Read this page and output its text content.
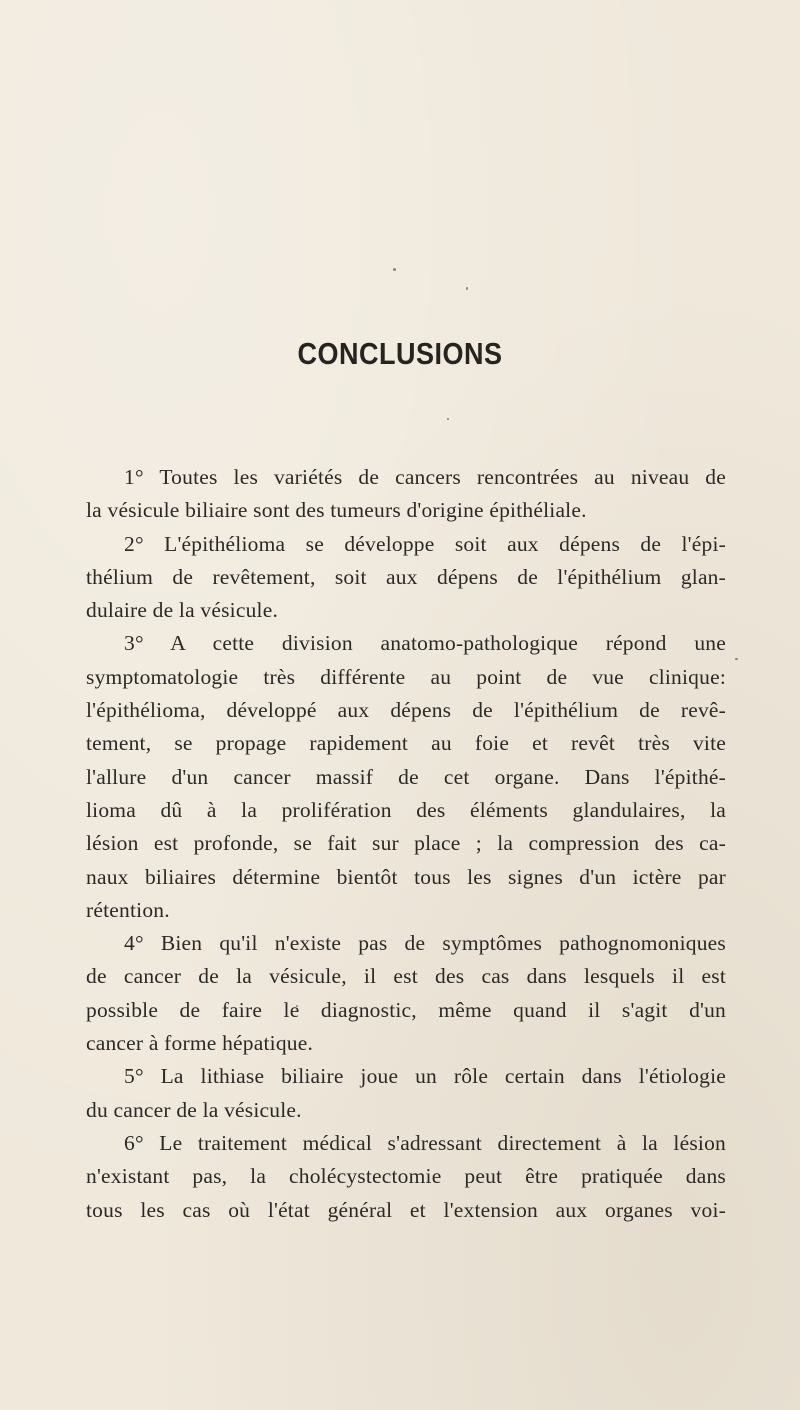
CONCLUSIONS
1° Toutes les variétés de cancers rencontrées au niveau de
la vésicule biliaire sont des tumeurs d'origine épithéliale.
2° L'épithélioma se développe soit aux dépens de l'épi-
thélium de revêtement, soit aux dépens de l'épithélium glan-
dulaire de la vésicule.
3° A cette division anatomo-pathologique répond une
symptomatologie très différente au point de vue clinique:
l'épithélioma, développé aux dépens de l'épithélium de revê-
tement, se propage rapidement au foie et revêt très vite
l'allure d'un cancer massif de cet organe. Dans l'épithé-
lioma dû à la prolifération des éléments glandulaires, la
lésion est profonde, se fait sur place ; la compression des ca-
naux biliaires détermine bientôt tous les signes d'un ictère par
rétention.
4° Bien qu'il n'existe pas de symptômes pathognomoniques
de cancer de la vésicule, il est des cas dans lesquels il est
possible de faire le diagnostic, même quand il s'agit d'un
cancer à forme hépatique.
5° La lithiase biliaire joue un rôle certain dans l'étiologie
du cancer de la vésicule.
6° Le traitement médical s'adressant directement à la lésion
n'existant pas, la cholécystectomie peut être pratiquée dans
tous les cas où l'état général et l'extension aux organes voi-
